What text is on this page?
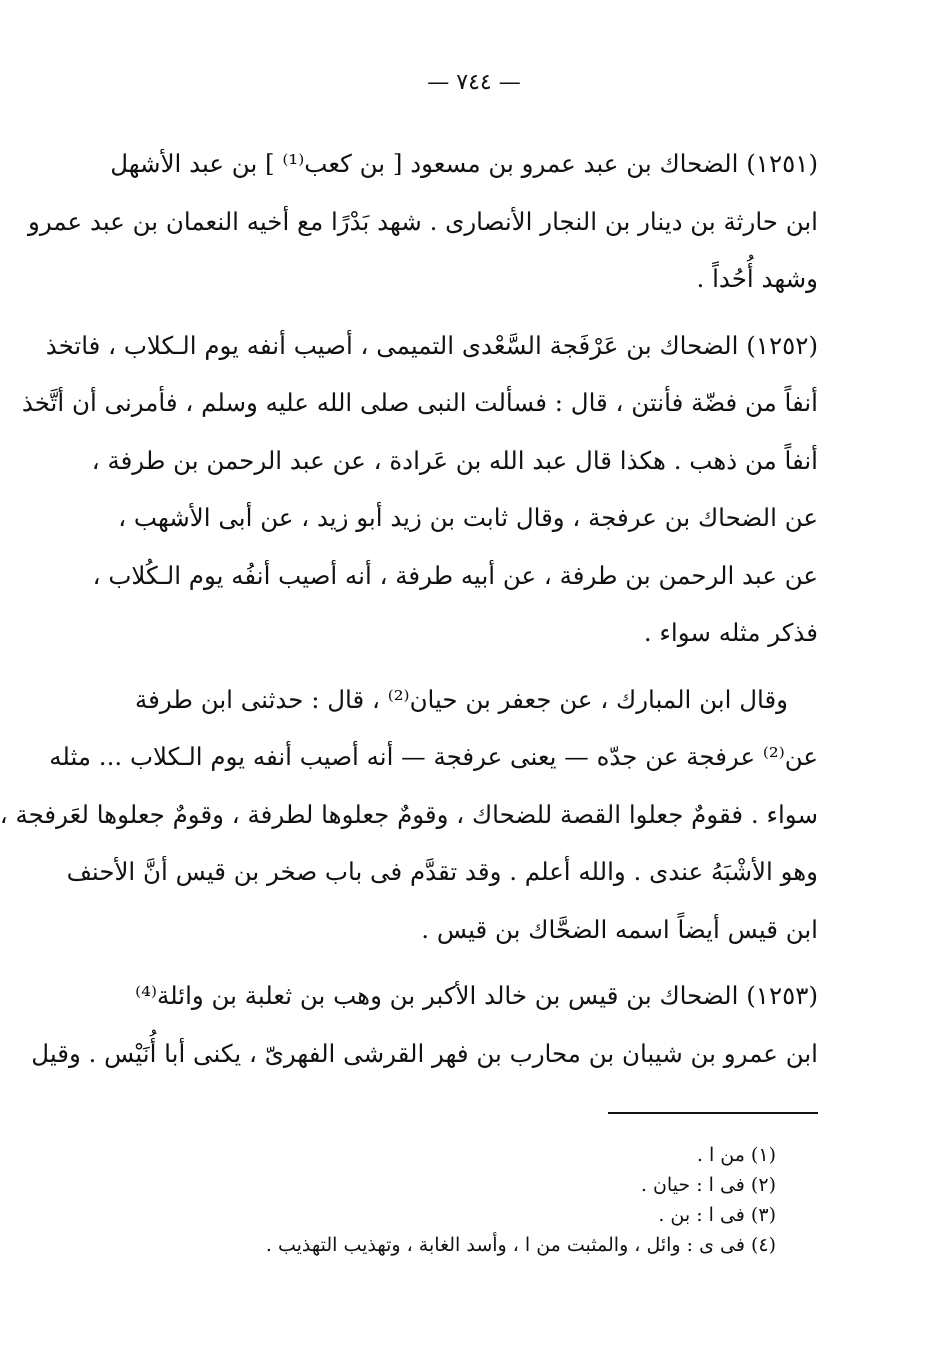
— ٧٤٤ —
(١٢٥١) الضحاك بن عبد عمرو بن مسعود [ بن كعب⁽¹⁾ ] بن عبد الأشهل
ابن حارثة بن دينار بن النجار الأنصارى . شهد بَدْرًا مع أخيه النعمان بن عبد عمرو
وشهد أُحُداً .
(١٢٥٢) الضحاك بن عَرْفَجة السَّعْدى التميمى ، أصيب أنفه يوم الـكلاب ، فاتخذ
أنفاً من فضّة فأنتن ، قال : فسألت النبى صلى الله عليه وسلم ، فأمرنى أن أتَّخذ
أنفاً من ذهب . هكذا قال عبد الله بن عَرادة ، عن عبد الرحمن بن طرفة ،
عن الضحاك بن عرفجة ، وقال ثابت بن زيد أبو زيد ، عن أبى الأشهب ،
عن عبد الرحمن بن طرفة ، عن أبيه طرفة ، أنه أصيب أنفُه يوم الـكُلاب ،
فذكر مثله سواء .
وقال ابن المبارك ، عن جعفر بن حيان⁽²⁾ ، قال : حدثنى ابن طرفة
عن⁽²⁾ عرفجة عن جدّه — يعنى عرفجة — أنه أصيب أنفه يوم الـكلاب ... مثله
سواء . فقومٌ جعلوا القصة للضحاك ، وقومٌ جعلوها لطرفة ، وقومٌ جعلوها لعَرفجة ،
وهو الأشْبَهُ عندى . والله أعلم . وقد تقدَّم فى باب صخر بن قيس أنَّ الأحنف
ابن قيس أيضاً اسمه الضحَّاك بن قيس .
(١٢٥٣) الضحاك بن قيس بن خالد الأكبر بن وهب بن ثعلبة بن وائلة⁽⁴⁾
ابن عمرو بن شيبان بن محارب بن فهر القرشى الفهرىّ ، يكنى أبا أُنَيْس . وقيل
(١) من ا .
(٢) فى ا : حيان .
(٣) فى ا : بن .
(٤) فى ى : وائل ، والمثبت من ا ، وأسد الغابة ، وتهذيب التهذيب .
